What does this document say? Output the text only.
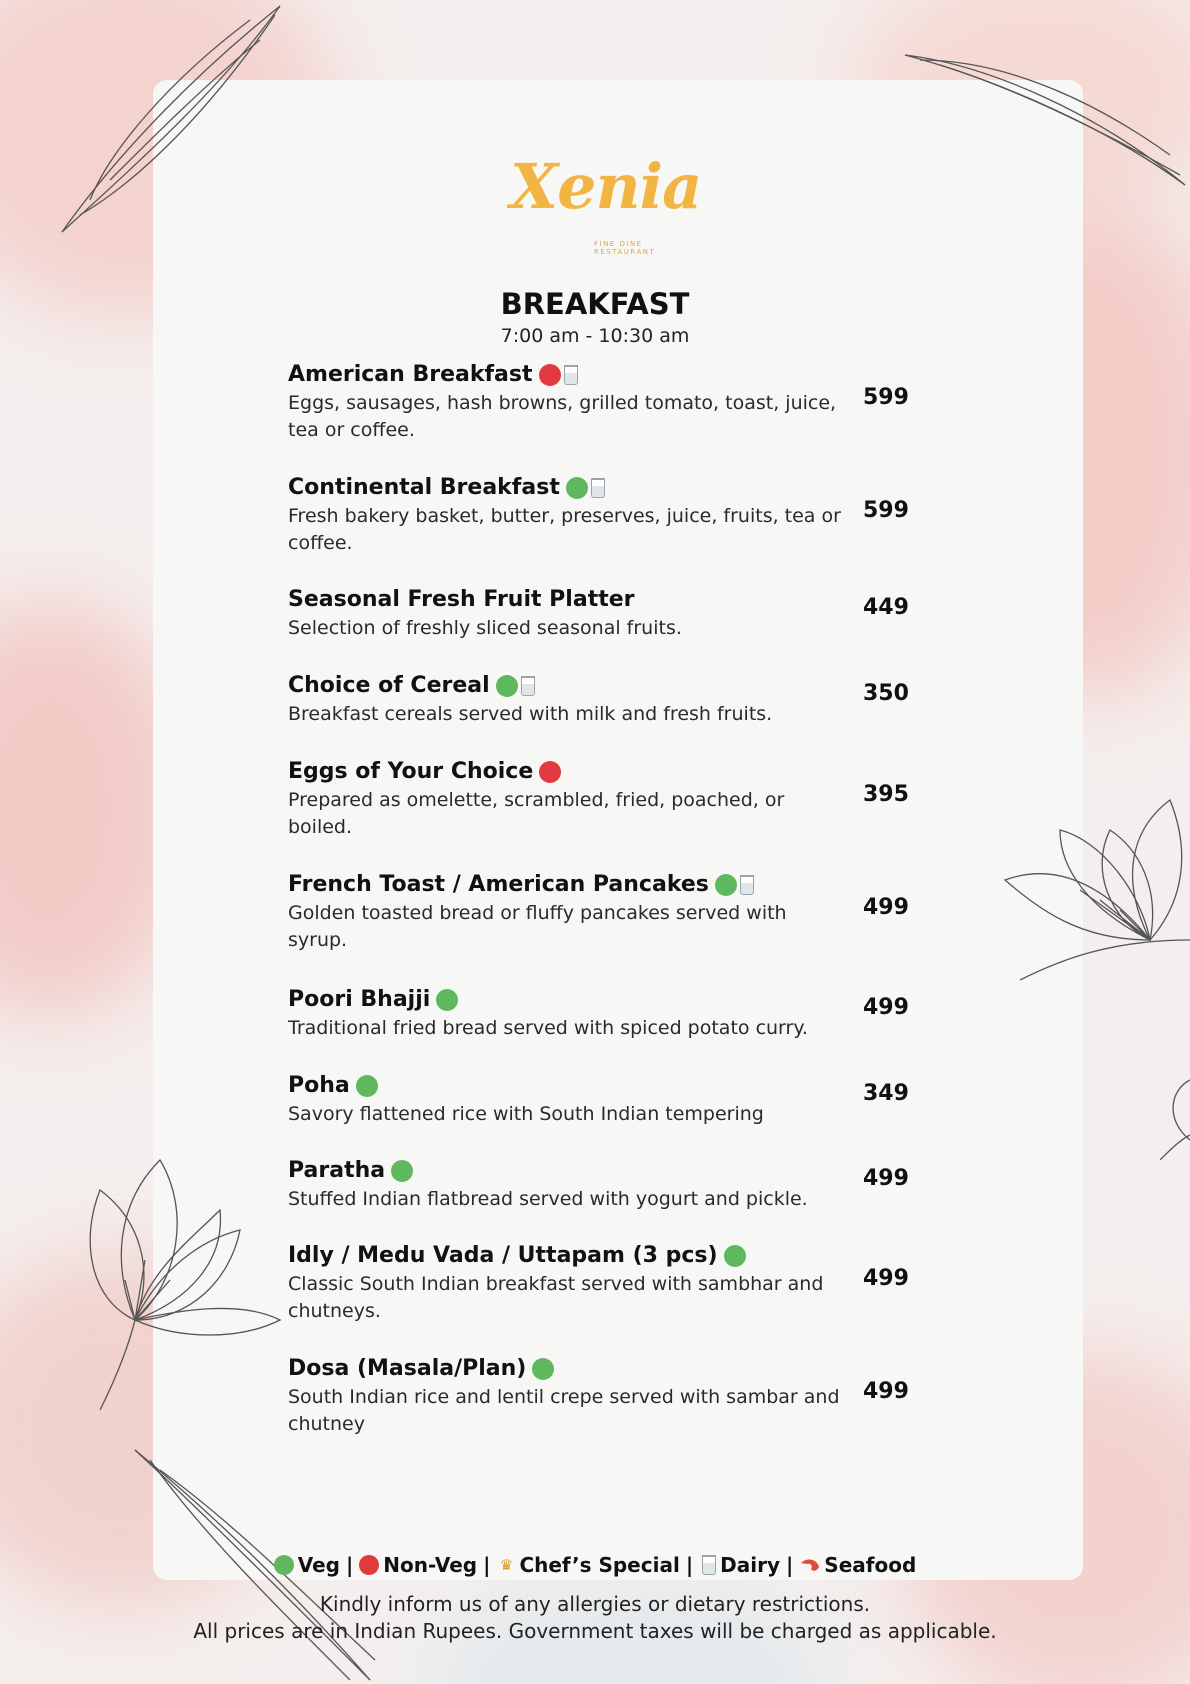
Xenia
FINE DINE
RESTAURANT
BREAKFAST
7:00 am - 10:30 am
American Breakfast
Eggs, sausages, hash browns, grilled tomato, toast, juice, tea or coffee.
599
Continental Breakfast
Fresh bakery basket, butter, preserves, juice, fruits, tea or coffee.
599
Seasonal Fresh Fruit Platter
Selection of freshly sliced seasonal fruits.
449
Choice of Cereal
Breakfast cereals served with milk and fresh fruits.
350
Eggs of Your Choice
Prepared as omelette, scrambled, fried, poached, or boiled.
395
French Toast / American Pancakes
Golden toasted bread or fluffy pancakes served with syrup.
499
Poori Bhajji
Traditional fried bread served with spiced potato curry.
499
Poha
Savory flattened rice with South Indian tempering
349
Paratha
Stuffed Indian flatbread served with yogurt and pickle.
499
Idly / Medu Vada / Uttapam (3 pcs)
Classic South Indian breakfast served with sambhar and chutneys.
499
Dosa (Masala/Plan)
South Indian rice and lentil crepe served with sambar and chutney
499
Veg | Non-Veg | ♛ Chef’s Special | Dairy | Seafood
Kindly inform us of any allergies or dietary restrictions.
All prices are in Indian Rupees. Government taxes will be charged as applicable.
